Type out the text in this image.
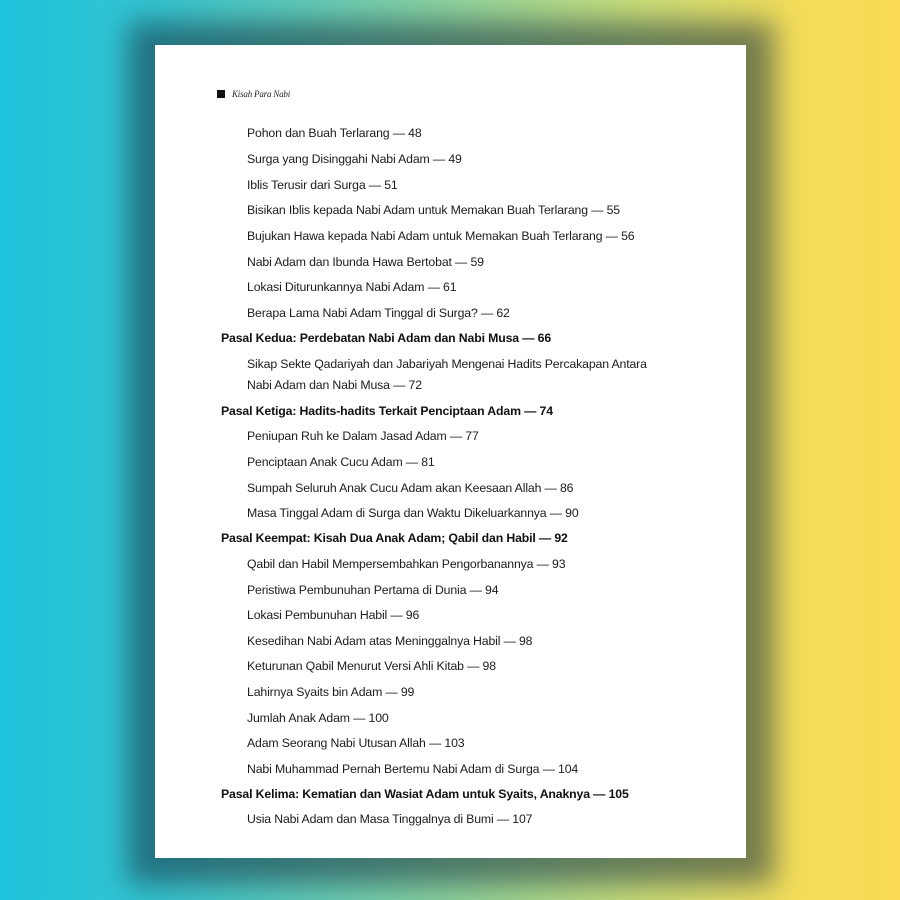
Kisah Para Nabi
Pohon dan Buah Terlarang — 48
Surga yang Disinggahi Nabi Adam — 49
Iblis Terusir dari Surga — 51
Bisikan Iblis kepada Nabi Adam untuk Memakan Buah Terlarang — 55
Bujukan Hawa kepada Nabi Adam untuk Memakan Buah Terlarang — 56
Nabi Adam dan Ibunda Hawa Bertobat — 59
Lokasi Diturunkannya Nabi Adam — 61
Berapa Lama Nabi Adam Tinggal di Surga? — 62
Pasal Kedua: Perdebatan Nabi Adam dan Nabi Musa — 66
Sikap Sekte Qadariyah dan Jabariyah Mengenai Hadits Percakapan Antara
Nabi Adam dan Nabi Musa — 72
Pasal Ketiga: Hadits-hadits Terkait Penciptaan Adam — 74
Peniupan Ruh ke Dalam Jasad Adam — 77
Penciptaan Anak Cucu Adam — 81
Sumpah Seluruh Anak Cucu Adam akan Keesaan Allah — 86
Masa Tinggal Adam di Surga dan Waktu Dikeluarkannya — 90
Pasal Keempat: Kisah Dua Anak Adam; Qabil dan Habil — 92
Qabil dan Habil Mempersembahkan Pengorbanannya — 93
Peristiwa Pembunuhan Pertama di Dunia — 94
Lokasi Pembunuhan Habil — 96
Kesedihan Nabi Adam atas Meninggalnya Habil — 98
Keturunan Qabil Menurut Versi Ahli Kitab — 98
Lahirnya Syaits bin Adam — 99
Jumlah Anak Adam — 100
Adam Seorang Nabi Utusan Allah — 103
Nabi Muhammad Pernah Bertemu Nabi Adam di Surga — 104
Pasal Kelima: Kematian dan Wasiat Adam untuk Syaits, Anaknya — 105
Usia Nabi Adam dan Masa Tinggalnya di Bumi — 107
A
Go
